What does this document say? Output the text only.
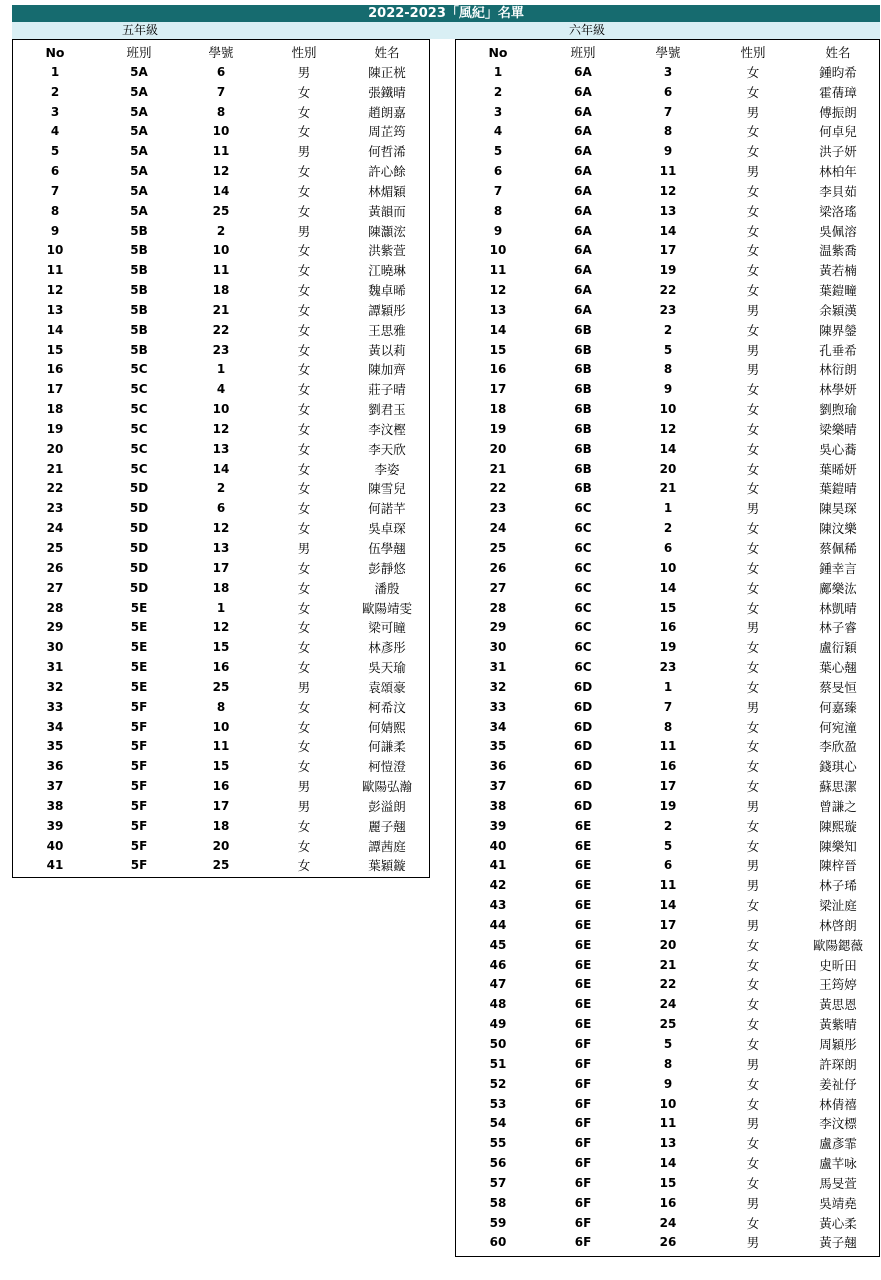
2022-2023「風紀」名單
五年級	六年級
No	班別	學號	性別	姓名
1	5A	6	男	陳正桄
2	5A	7	女	張鐵晴
3	5A	8	女	趙朗嘉
4	5A	10	女	周芷筠
5	5A	11	男	何哲浠
6	5A	12	女	許心餘
7	5A	14	女	林煝穎
8	5A	25	女	黃韻而
9	5B	2	男	陳灝浤
10	5B	10	女	洪紫萱
11	5B	11	女	江曉琳
12	5B	18	女	魏卓晞
13	5B	21	女	譚穎彤
14	5B	22	女	王思雅
15	5B	23	女	黃以莉
16	5C	1	女	陳加齊
17	5C	4	女	莊子晴
18	5C	10	女	劉君玉
19	5C	12	女	李汶樫
20	5C	13	女	李天欣
21	5C	14	女	李姿
22	5D	2	女	陳雪兒
23	5D	6	女	何諾芊
24	5D	12	女	吳卓琛
25	5D	13	男	伍學翹
26	5D	17	女	彭靜悠
27	5D	18	女	潘殷
28	5E	1	女	歐陽靖雯
29	5E	12	女	梁可瞳
30	5E	15	女	林彥彤
31	5E	16	女	吳天瑜
32	5E	25	男	袁頌豪
33	5F	8	女	柯希汶
34	5F	10	女	何婧熙
35	5F	11	女	何謙柔
36	5F	15	女	柯愷澄
37	5F	16	男	歐陽弘瀚
38	5F	17	男	彭溢朗
39	5F	18	女	麗子翹
40	5F	20	女	譚茜庭
41	5F	25	女	葉穎鏇
No	班別	學號	性別	姓名
1	6A	3	女	鍾昀希
2	6A	6	女	霍蒨璋
3	6A	7	男	傅振朗
4	6A	8	女	何卓兒
5	6A	9	女	洪子妍
6	6A	11	男	林柏年
7	6A	12	女	李貝茹
8	6A	13	女	梁洛瑤
9	6A	14	女	吳佩溶
10	6A	17	女	温紫喬
11	6A	19	女	黃若楠
12	6A	22	女	葉鎧疃
13	6A	23	男	余穎漢
14	6B	2	女	陳界鎣
15	6B	5	男	孔垂希
16	6B	8	男	林衍朗
17	6B	9	女	林學妍
18	6B	10	女	劉煦瑜
19	6B	12	女	梁樂晴
20	6B	14	女	吳心蕎
21	6B	20	女	葉晞妍
22	6B	21	女	葉鎧晴
23	6C	1	男	陳昊琛
24	6C	2	女	陳汶樂
25	6C	6	女	蔡佩稀
26	6C	10	女	鍾幸言
27	6C	14	女	鄺樂汯
28	6C	15	女	林凱晴
29	6C	16	男	林子睿
30	6C	19	女	盧衍穎
31	6C	23	女	葉心翹
32	6D	1	女	蔡旻恒
33	6D	7	男	何嘉臻
34	6D	8	女	何宛潼
35	6D	11	女	李欣盈
36	6D	16	女	錢琪心
37	6D	17	女	蘇思潔
38	6D	19	男	曾謙之
39	6E	2	女	陳熙璇
40	6E	5	女	陳樂知
41	6E	6	男	陳梓晉
42	6E	11	男	林子琋
43	6E	14	女	梁沚庭
44	6E	17	男	林啓朗
45	6E	20	女	歐陽鍶薇
46	6E	21	女	史昕田
47	6E	22	女	王筠婷
48	6E	24	女	黃思恩
49	6E	25	女	黃紫晴
50	6F	5	女	周穎彤
51	6F	8	男	許琛朗
52	6F	9	女	姜祉伃
53	6F	10	女	林倩禧
54	6F	11	男	李汶標
55	6F	13	女	盧彥霏
56	6F	14	女	盧芊咏
57	6F	15	女	馬旻萱
58	6F	16	男	吳靖堯
59	6F	24	女	黃心柔
60	6F	26	男	黃子翹
